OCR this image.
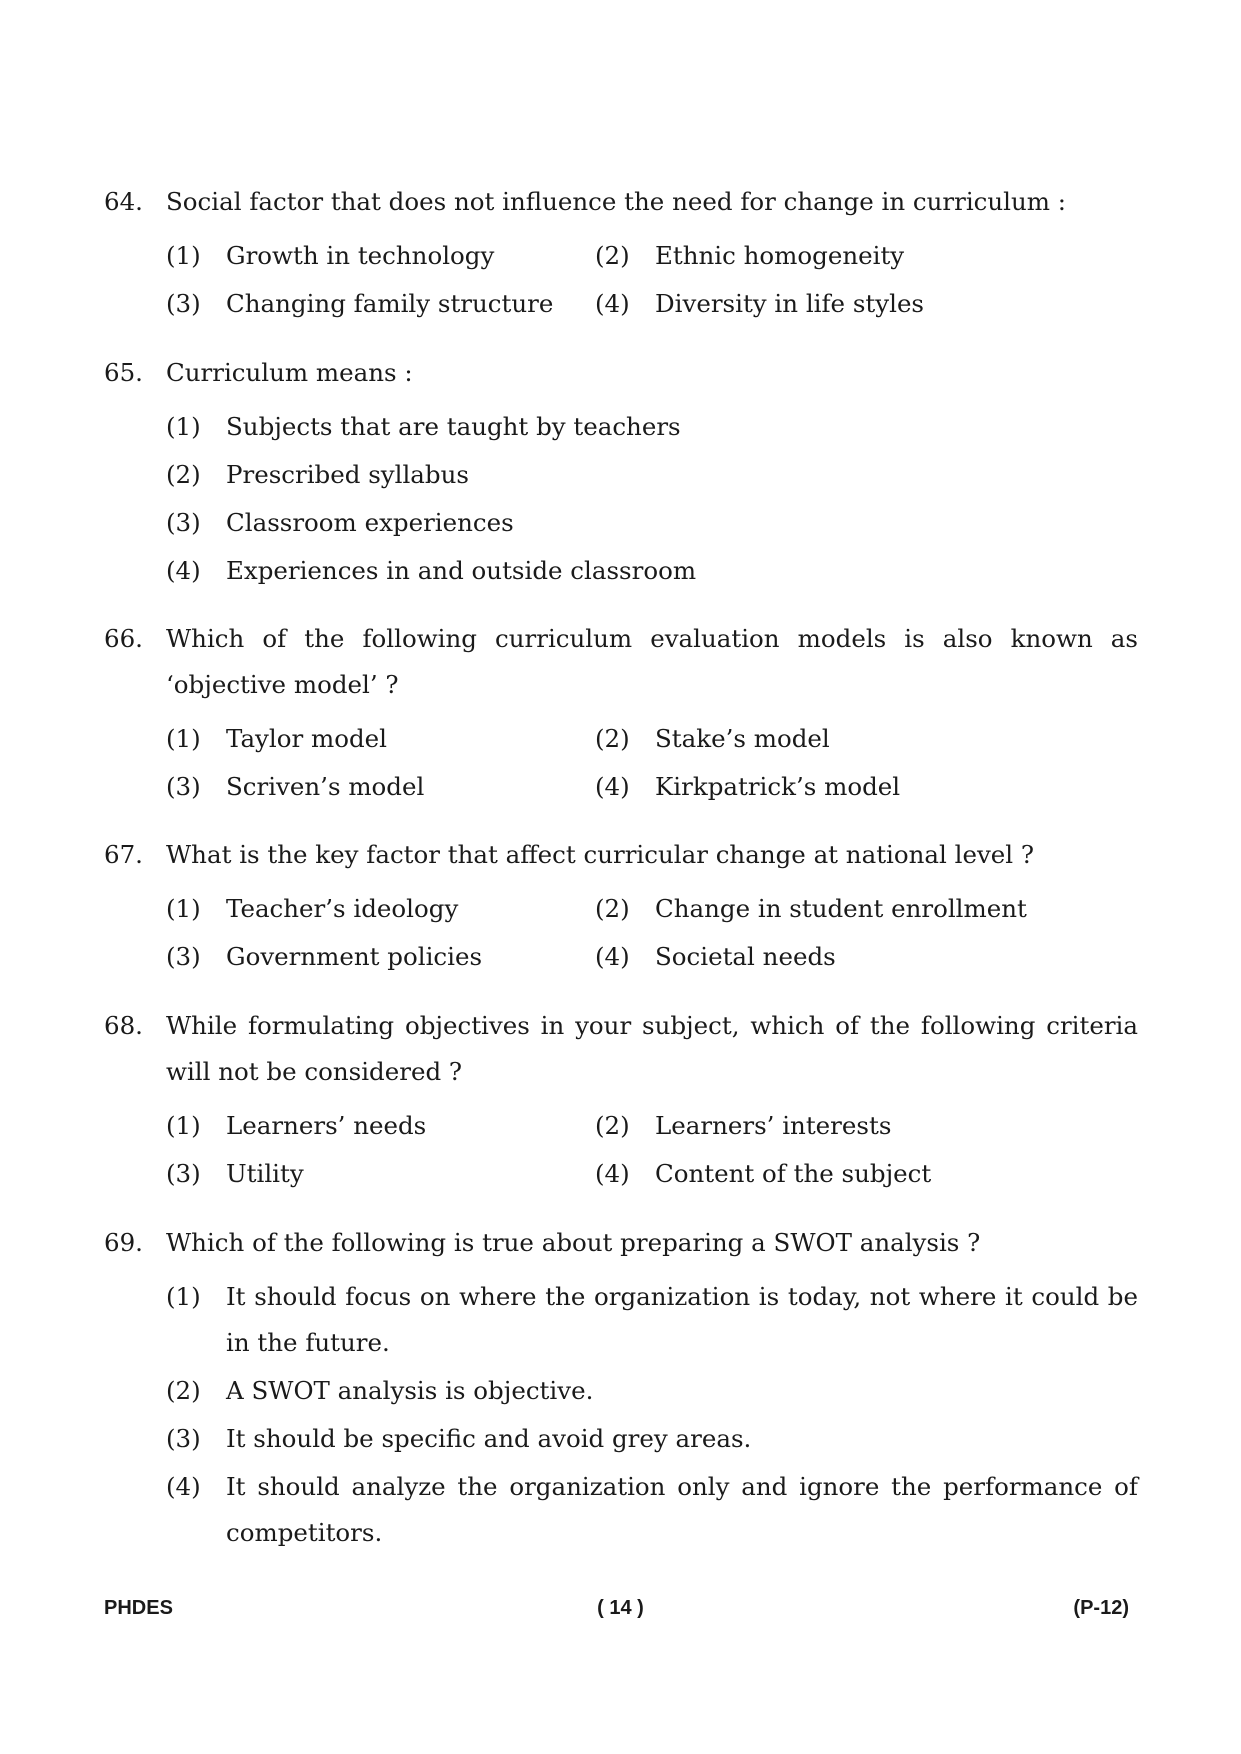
64. Social factor that does not influence the need for change in curriculum :
(1)	Growth in technology	(2)	Ethnic homogeneity
(3)	Changing family structure	(4)	Diversity in life styles
65. Curriculum means :
(1)	Subjects that are taught by teachers
(2)	Prescribed syllabus
(3)	Classroom experiences
(4)	Experiences in and outside classroom
66. Which of the following curriculum evaluation models is also known as ‘objective model’ ?
(1)	Taylor model	(2)	Stake’s model
(3)	Scriven’s model	(4)	Kirkpatrick’s model
67. What is the key factor that affect curricular change at national level ?
(1)	Teacher’s ideology	(2)	Change in student enrollment
(3)	Government policies	(4)	Societal needs
68. While formulating objectives in your subject, which of the following criteria will not be considered ?
(1)	Learners’ needs	(2)	Learners’ interests
(3)	Utility	(4)	Content of the subject
69. Which of the following is true about preparing a SWOT analysis ?
(1)	It should focus on where the organization is today, not where it could be in the future.
(2)	A SWOT analysis is objective.
(3)	It should be specific and avoid grey areas.
(4)	It should analyze the organization only and ignore the performance of competitors.
PHDES	( 14 )	(P-12)
